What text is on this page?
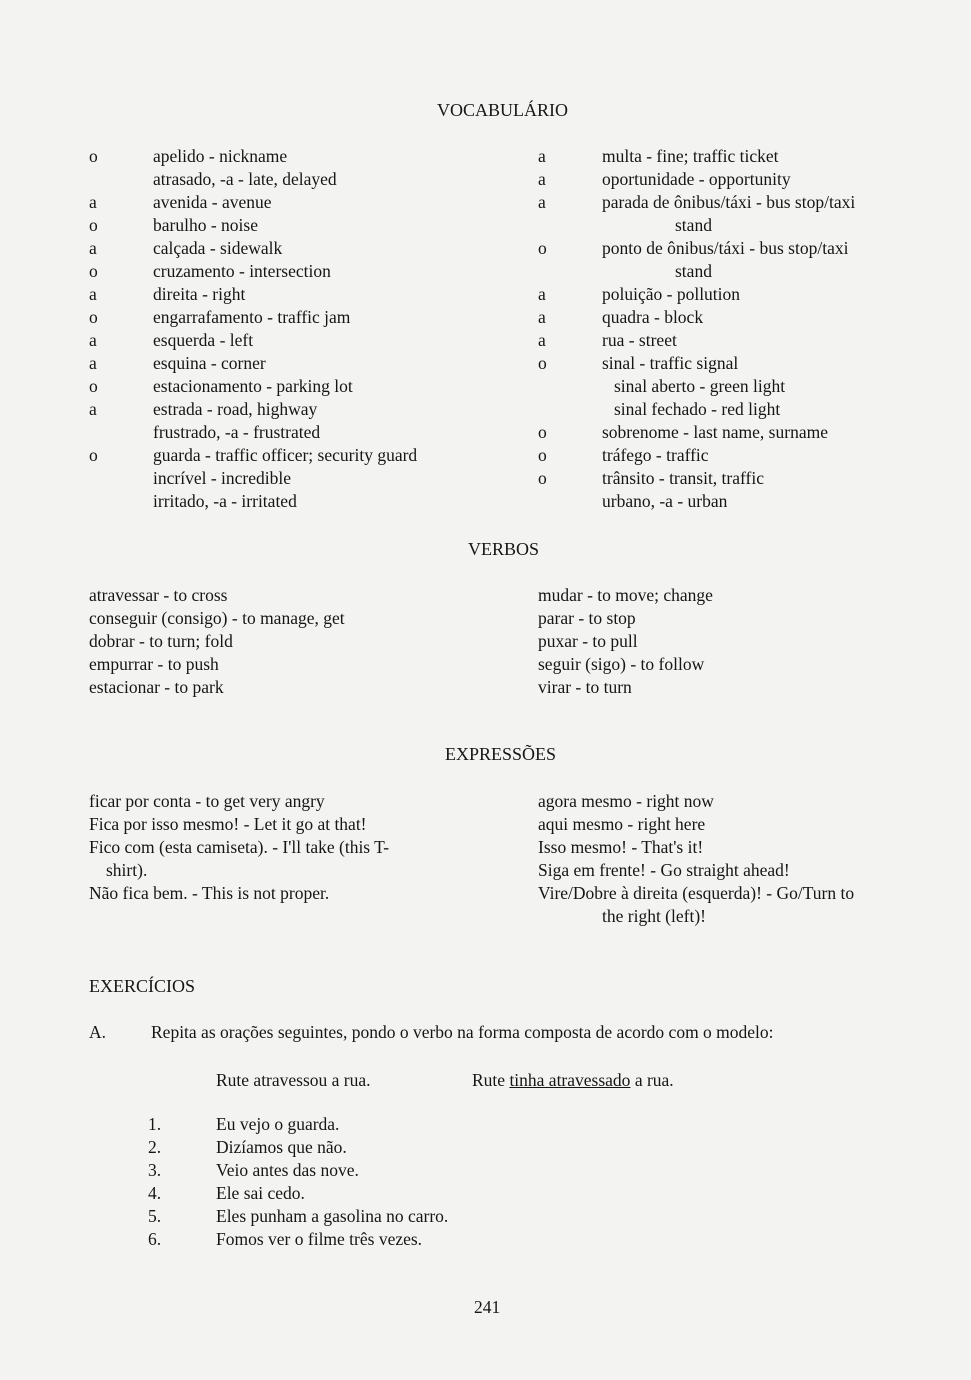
VOCABULÁRIO
o	apelido - nickname
atrasado, -a - late, delayed
a	avenida - avenue
o	barulho - noise
a	calçada - sidewalk
o	cruzamento - intersection
a	direita - right
o	engarrafamento - traffic jam
a	esquerda - left
a	esquina - corner
o	estacionamento - parking lot
a	estrada - road, highway
frustrado, -a - frustrated
o	guarda - traffic officer; security guard
incrível - incredible
irritado, -a - irritated
a	multa - fine; traffic ticket
a	oportunidade - opportunity
a	parada de ônibus/táxi - bus stop/taxi
stand
o	ponto de ônibus/táxi - bus stop/taxi
stand
a	poluição - pollution
a	quadra - block
a	rua - street
o	sinal - traffic signal
sinal aberto - green light
sinal fechado - red light
o	sobrenome - last name, surname
o	tráfego - traffic
o	trânsito - transit, traffic
urbano, -a - urban
VERBOS
atravessar - to cross
conseguir (consigo) - to manage, get
dobrar - to turn; fold
empurrar - to push
estacionar - to park
mudar - to move; change
parar - to stop
puxar - to pull
seguir (sigo) - to follow
virar - to turn
EXPRESSÕES
ficar por conta - to get very angry
Fica por isso mesmo! - Let it go at that!
Fico com (esta camiseta). - I'll take (this T-
shirt).
Não fica bem. - This is not proper.
agora mesmo - right now
aqui mesmo - right here
Isso mesmo! - That's it!
Siga em frente! - Go straight ahead!
Vire/Dobre à direita (esquerda)! - Go/Turn to
the right (left)!
EXERCÍCIOS
A.	Repita as orações seguintes, pondo o verbo na forma composta de acordo com o modelo:
Rute atravessou a rua.	Rute tinha atravessado a rua.
1.	Eu vejo o guarda.
2.	Dizíamos que não.
3.	Veio antes das nove.
4.	Ele sai cedo.
5.	Eles punham a gasolina no carro.
6.	Fomos ver o filme três vezes.
241
